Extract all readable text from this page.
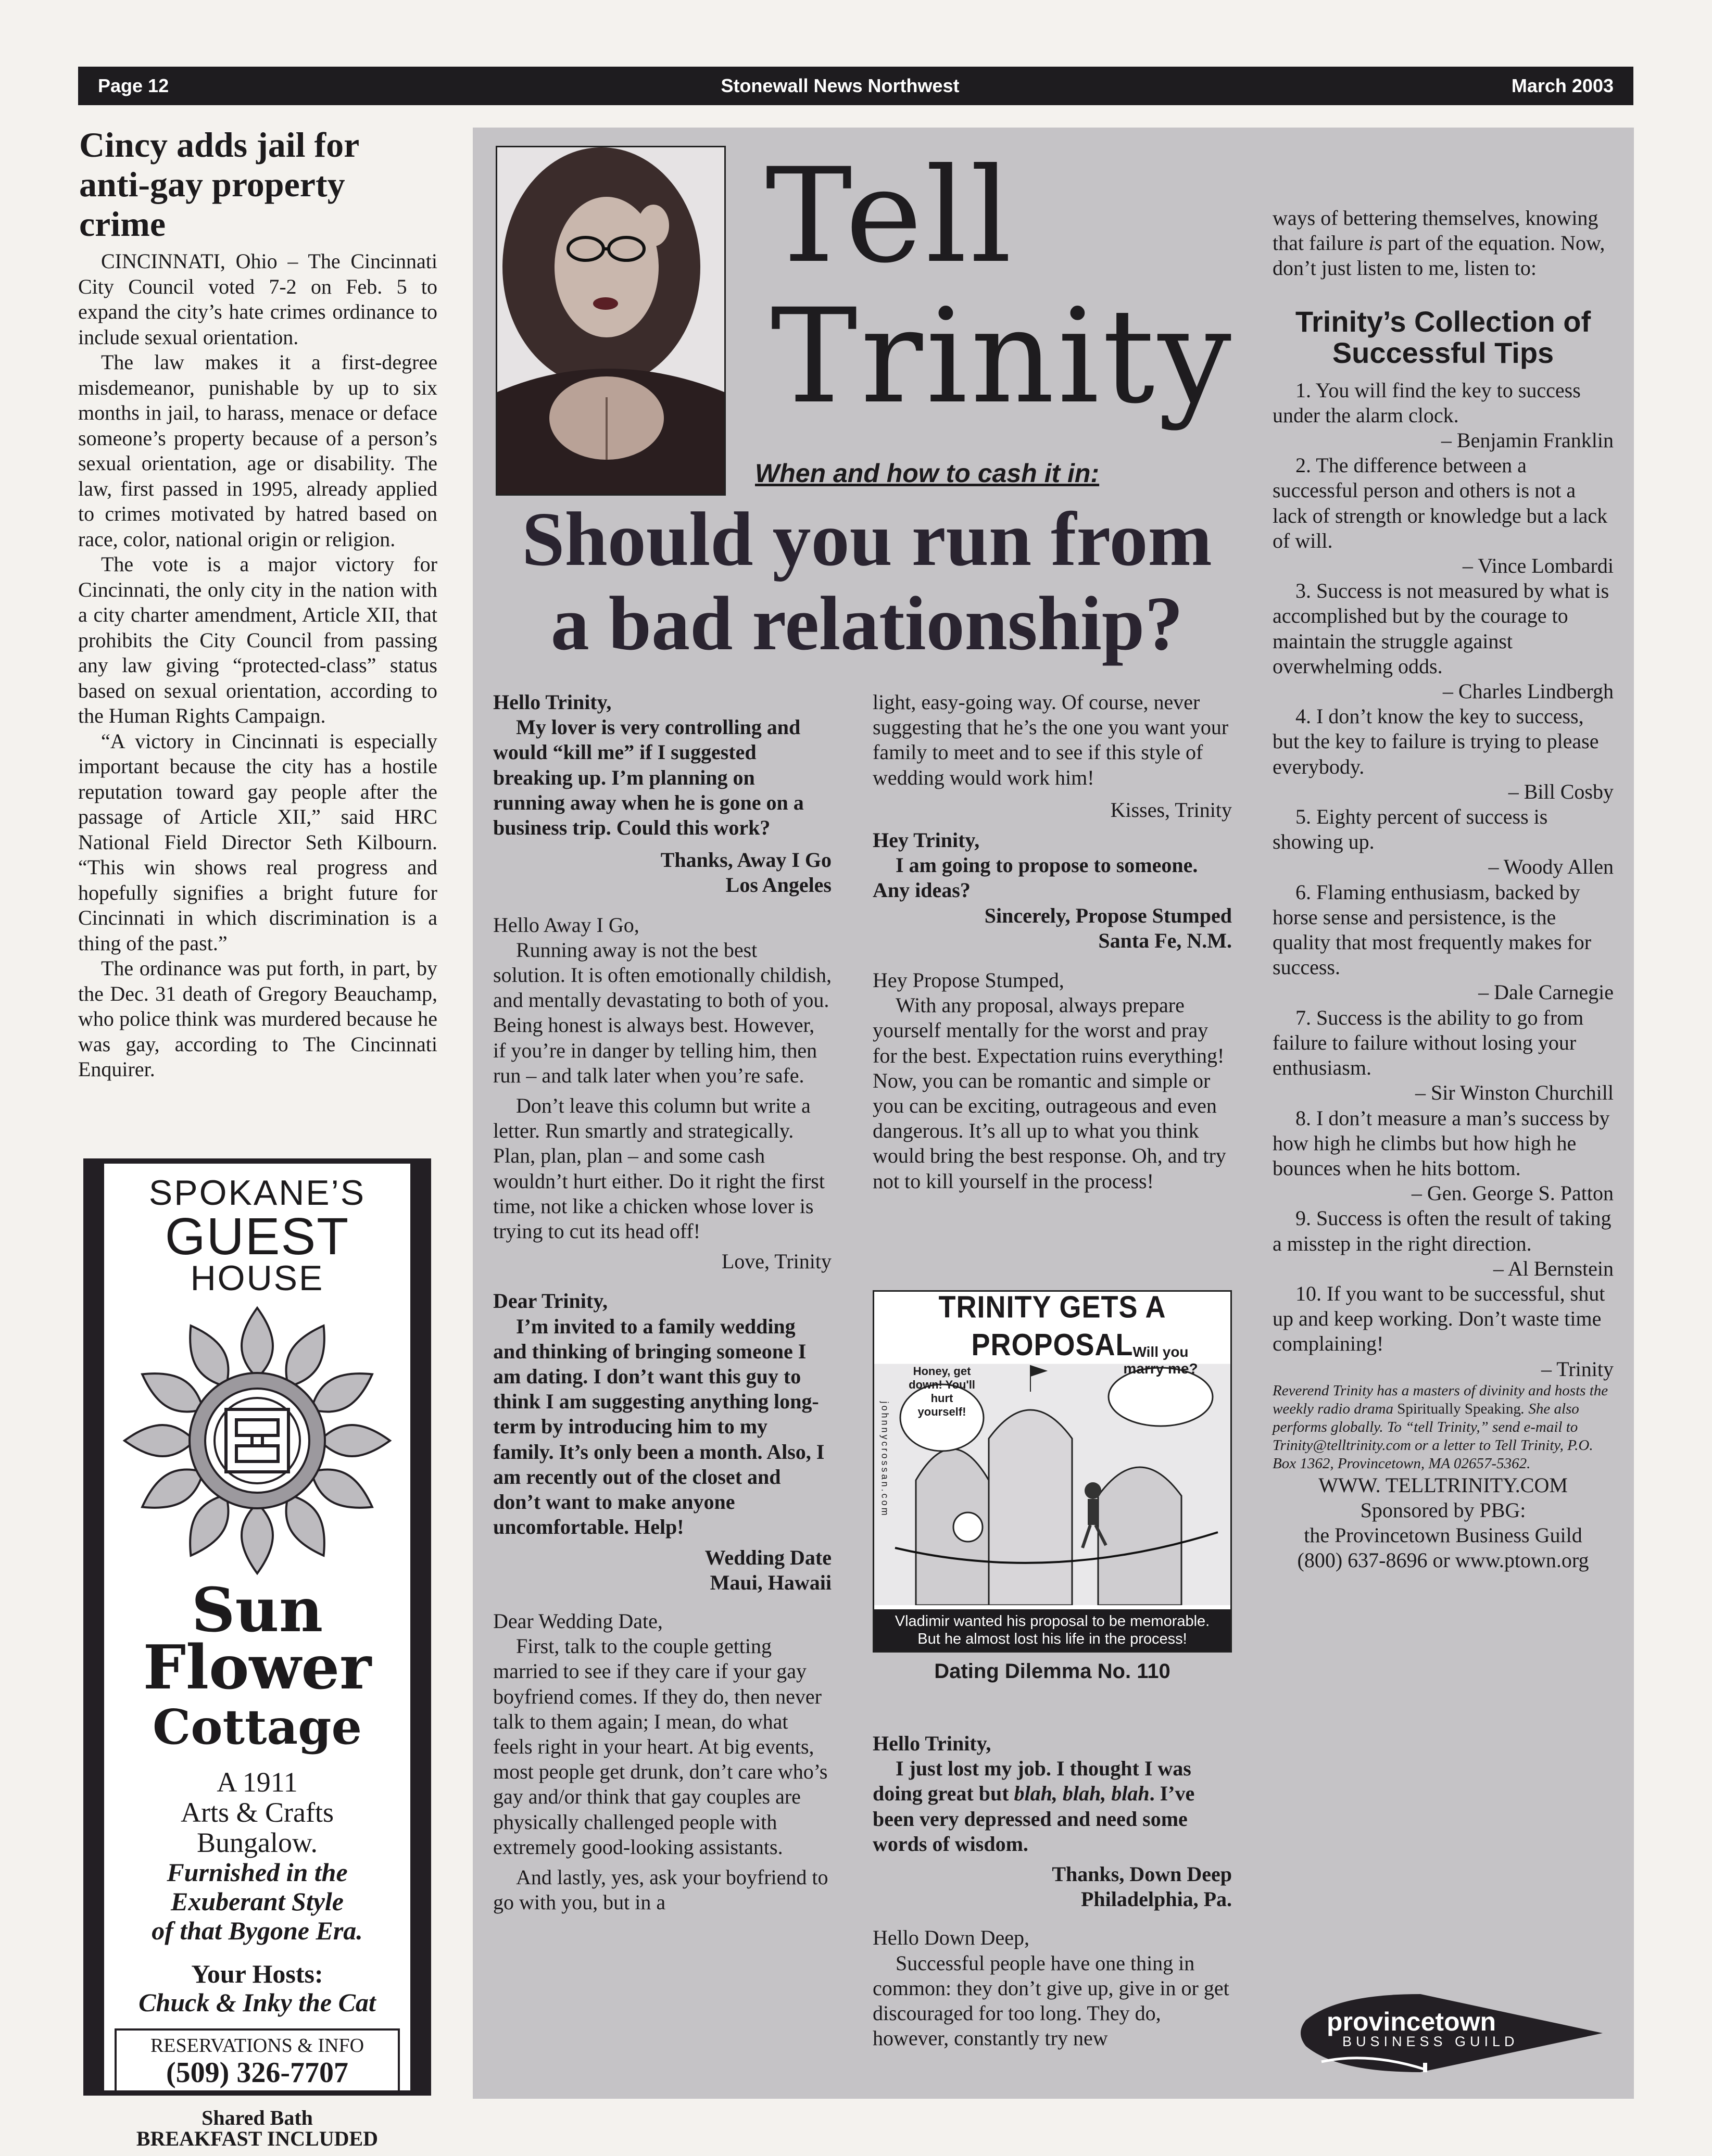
Page 12	Stonewall News Northwest	March 2003
Cincy adds jail for anti-gay property crime

CINCINNATI, Ohio – The Cincinnati City Council voted 7-2 on Feb. 5 to expand the city’s hate crimes ordinance to include sexual orientation.

The law makes it a first-degree misdemeanor, punishable by up to six months in jail, to harass, menace or deface someone’s property because of a person’s sexual orientation, age or disability. The law, first passed in 1995, already applied to crimes motivated by hatred based on race, color, national origin or religion.

The vote is a major victory for Cincinnati, the only city in the nation with a city charter amendment, Article XII, that prohibits the City Council from passing any law giving “protected-class” status based on sexual orientation, according to the Human Rights Campaign.

“A victory in Cincinnati is especially important because the city has a hostile reputation toward gay people after the passage of Article XII,” said HRC National Field Director Seth Kilbourn. “This win shows real progress and hopefully signifies a bright future for Cincinnati in which discrimination is a thing of the past.”

The ordinance was put forth, in part, by the Dec. 31 death of Gregory Beauchamp, who police think was murdered because he was gay, according to The Cincinnati Enquirer.

SPOKANE’S
GUEST
HOUSE
Sun
Flower
Cottage
A 1911
Arts & Crafts
Bungalow.
Furnished in the
Exuberant Style
of that Bygone Era.
Your Hosts:
Chuck & Inky the Cat
RESERVATIONS & INFO
(509) 326-7707
Shared Bath
BREAKFAST INCLUDED
Tell
Trinity
When and how to cash it in:
Should you run from a bad relationship?

Hello Trinity,

My lover is very controlling and would “kill me” if I suggested breaking up. I’m planning on running away when he is gone on a business trip. Could this work?

Thanks, Away I Go

Los Angeles

Hello Away I Go,

Running away is not the best solution. It is often emotionally childish, and mentally devastating to both of you. Being honest is always best. However, if you’re in danger by telling him, then run – and talk later when you’re safe.

Don’t leave this column but write a letter. Run smartly and strategically. Plan, plan, plan – and some cash wouldn’t hurt either. Do it right the first time, not like a chicken whose lover is trying to cut its head off!

Love, Trinity

Dear Trinity,

I’m invited to a family wedding and thinking of bringing someone I am dating. I don’t want this guy to think I am suggesting anything long-term by introducing him to my family. It’s only been a month. Also, I am recently out of the closet and don’t want to make anyone uncomfortable. Help!

Wedding Date

Maui, Hawaii

Dear Wedding Date,

First, talk to the couple getting married to see if they care if your gay boyfriend comes. If they do, then never talk to them again; I mean, do what feels right in your heart. At big events, most people get drunk, don’t care who’s gay and/or think that gay couples are physically challenged people with extremely good-looking assistants.

And lastly, yes, ask your boyfriend to go with you, but in a

light, easy-going way. Of course, never suggesting that he’s the one you want your family to meet and to see if this style of wedding would work him!

Kisses, Trinity

Hey Trinity,

I am going to propose to someone. Any ideas?

Sincerely, Propose Stumped

Santa Fe, N.M.

Hey Propose Stumped,

With any proposal, always prepare yourself mentally for the worst and pray for the best. Expectation ruins everything! Now, you can be romantic and simple or you can be exciting, outrageous and even dangerous. It’s all up to what you think would bring the best response. Oh, and try not to kill yourself in the process!

TRINITY GETS A PROPOSAL
Honey, get down! You'll hurt yourself!
Will you marry me?
johnnycrossan.com
Vladimir wanted his proposal to be memorable.
But he almost lost his life in the process!
Dating Dilemma No. 110

Hello Trinity,

I just lost my job. I thought I was doing great but blah, blah, blah. I’ve been very depressed and need some words of wisdom.

Thanks, Down Deep

Philadelphia, Pa.

Hello Down Deep,

Successful people have one thing in common: they don’t give up, give in or get discouraged for too long. They do, however, constantly try new

ways of bettering themselves, knowing that failure is part of the equation. Now, don’t just listen to me, listen to:

Trinity’s Collection of Successful Tips

1. You will find the key to success under the alarm clock.

– Benjamin Franklin

2. The difference between a successful person and others is not a lack of strength or knowledge but a lack of will.

– Vince Lombardi

3. Success is not measured by what is accomplished but by the courage to maintain the struggle against overwhelming odds.

– Charles Lindbergh

4. I don’t know the key to success, but the key to failure is trying to please everybody.

– Bill Cosby

5. Eighty percent of success is showing up.

– Woody Allen

6. Flaming enthusiasm, backed by horse sense and persistence, is the quality that most frequently makes for success.

– Dale Carnegie

7. Success is the ability to go from failure to failure without losing your enthusiasm.

– Sir Winston Churchill

8. I don’t measure a man’s success by how high he climbs but how high he bounces when he hits bottom.

– Gen. George S. Patton

9. Success is often the result of taking a misstep in the right direction.

– Al Bernstein

10. If you want to be successful, shut up and keep working. Don’t waste time complaining!

– Trinity

Reverend Trinity has a masters of divinity and hosts the weekly radio drama Spiritually Speaking. She also performs globally. To “tell Trinity,” send e-mail to Trinity@telltrinity.com or a letter to Tell Trinity, P.O. Box 1362, Provincetown, MA 02657-5362.

WWW. TELLTRINITY.COM

Sponsored by PBG:

the Provincetown Business Guild

(800) 637-8696 or www.ptown.org

provincetown
BUSINESS GUILD
